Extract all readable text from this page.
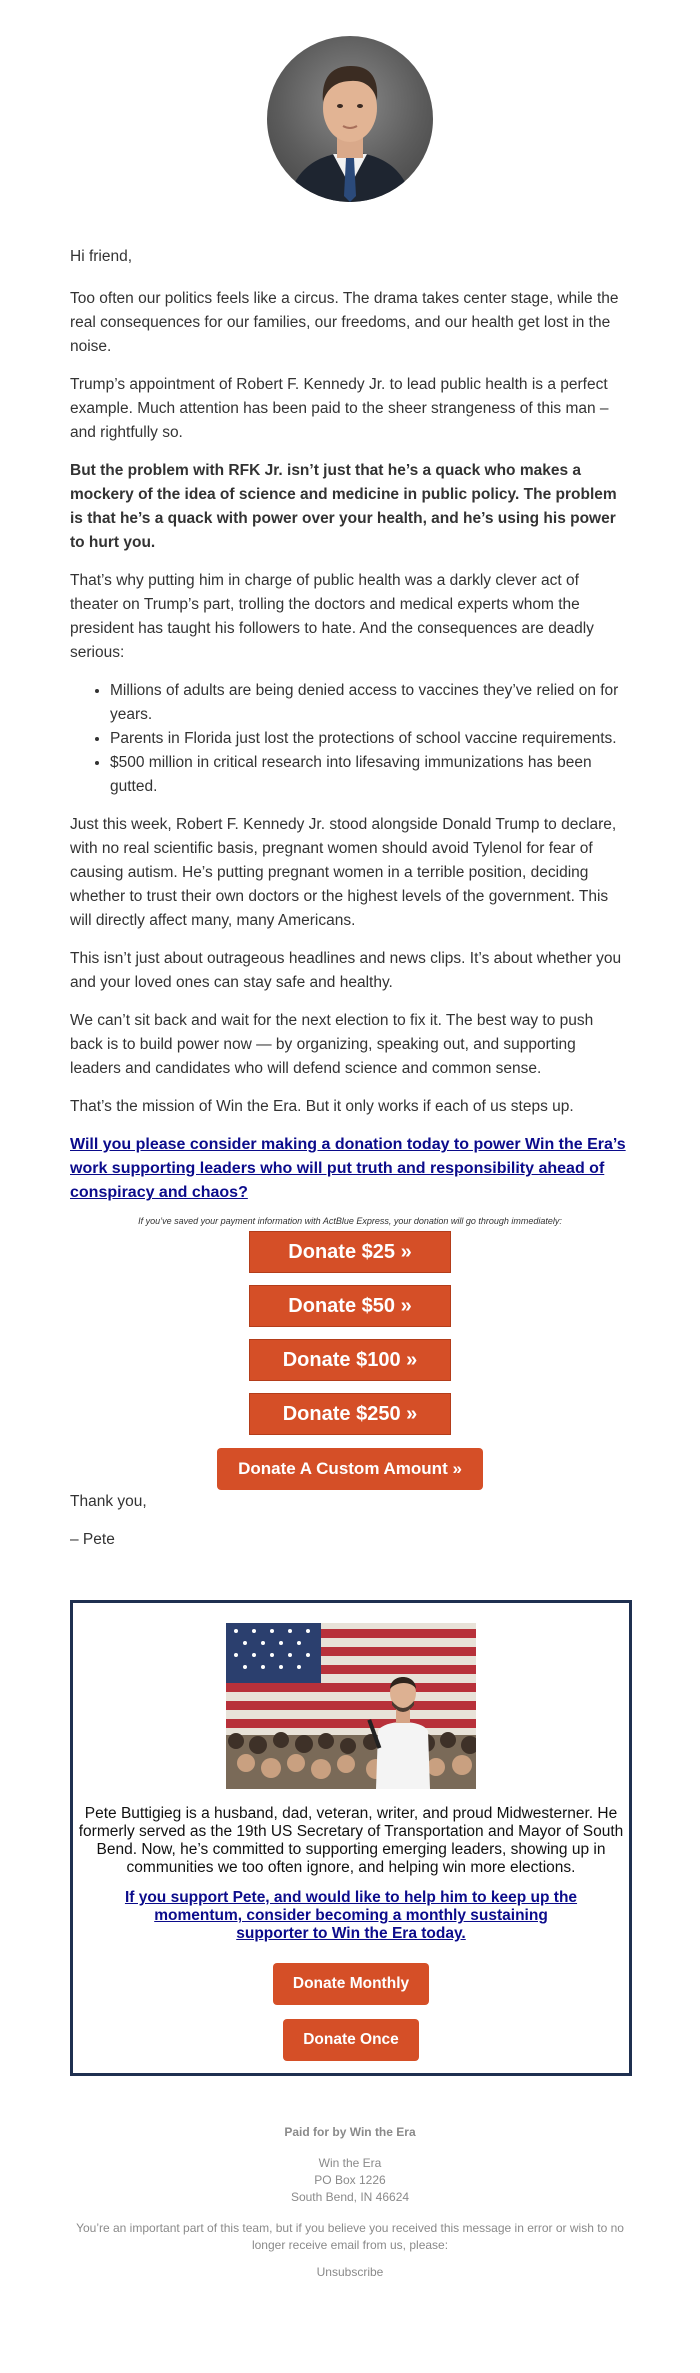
Hi friend,

Too often our politics feels like a circus. The drama takes center stage, while the real consequences for our families, our freedoms, and our health get lost in the noise.

Trump’s appointment of Robert F. Kennedy Jr. to lead public health is a perfect example. Much attention has been paid to the sheer strangeness of this man – and rightfully so.

But the problem with RFK Jr. isn’t just that he’s a quack who makes a mockery of the idea of science and medicine in public policy. The problem is that he’s a quack with power over your health, and he’s using his power to hurt you.

That’s why putting him in charge of public health was a darkly clever act of theater on Trump’s part, trolling the doctors and medical experts whom the president has taught his followers to hate. And the consequences are deadly serious:

• Millions of adults are being denied access to vaccines they’ve relied on for years.
• Parents in Florida just lost the protections of school vaccine requirements.
• $500 million in critical research into lifesaving immunizations has been gutted.

Just this week, Robert F. Kennedy Jr. stood alongside Donald Trump to declare, with no real scientific basis, pregnant women should avoid Tylenol for fear of causing autism. He’s putting pregnant women in a terrible position, deciding whether to trust their own doctors or the highest levels of the government. This will directly affect many, many Americans.

This isn’t just about outrageous headlines and news clips. It’s about whether you and your loved ones can stay safe and healthy.

We can’t sit back and wait for the next election to fix it. The best way to push back is to build power now — by organizing, speaking out, and supporting leaders and candidates who will defend science and common sense.

That’s the mission of Win the Era. But it only works if each of us steps up.

Will you please consider making a donation today to power Win the Era’s work supporting leaders who will put truth and responsibility ahead of conspiracy and chaos?

If you’ve saved your payment information with ActBlue Express, your donation will go through immediately:
Donate $25 »
Donate $50 »
Donate $100 »
Donate $250 »
Donate A Custom Amount »

Thank you,

– Pete

Pete Buttigieg is a husband, dad, veteran, writer, and proud Midwesterner. He formerly served as the 19th US Secretary of Transportation and Mayor of South Bend. Now, he’s committed to supporting emerging leaders, showing up in communities we too often ignore, and helping win more elections.
If you support Pete, and would like to help him to keep up the momentum, consider becoming a monthly sustaining supporter to Win the Era today.
Donate Monthly
Donate Once
Paid for by Win the Era
Win the Era
PO Box 1226
South Bend, IN 46624
You’re an important part of this team, but if you believe you received this message in error or wish to no longer receive email from us, please:
Unsubscribe
